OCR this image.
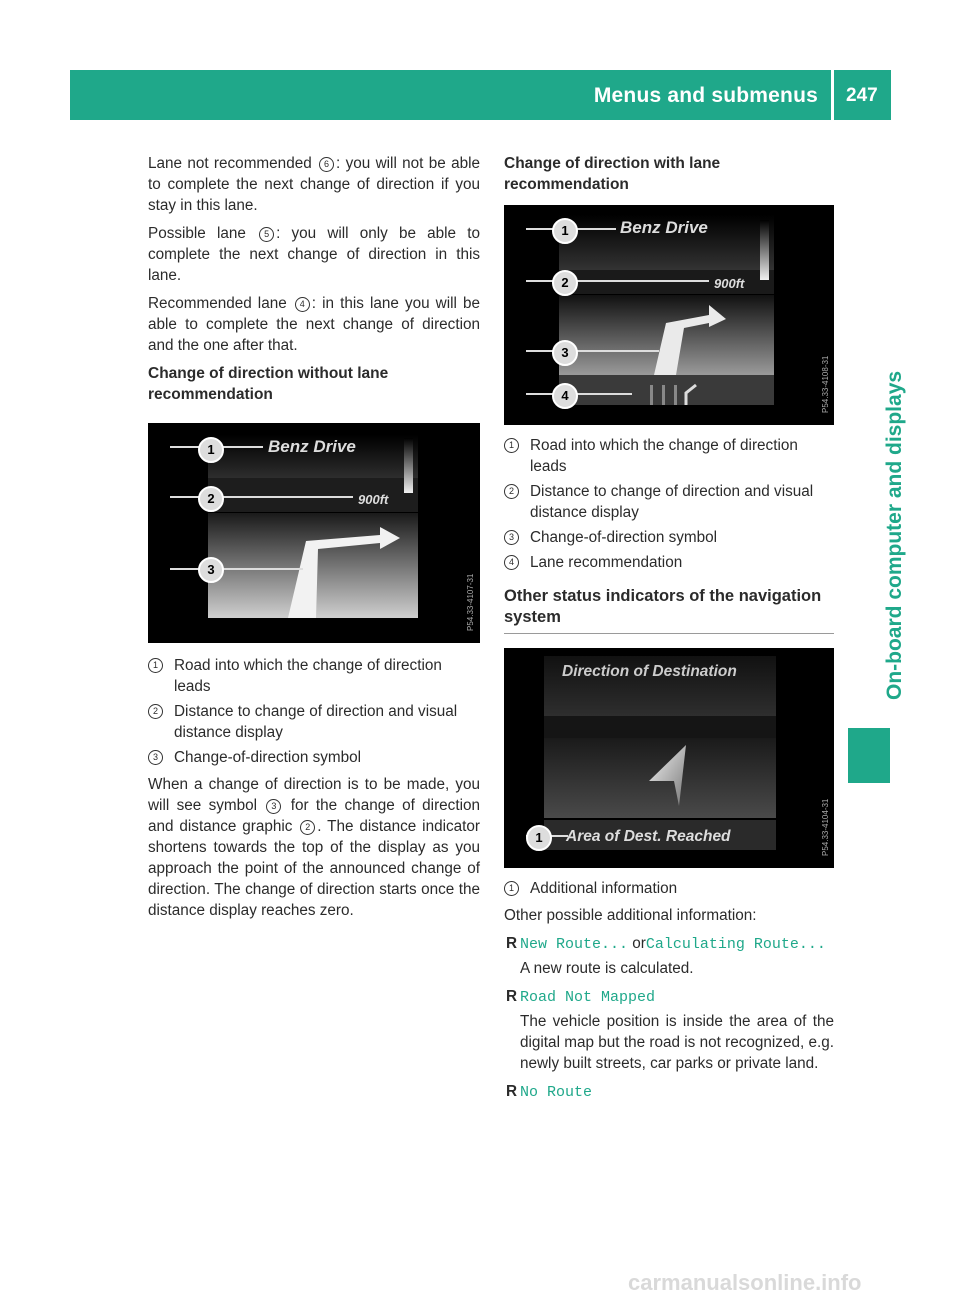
Menus and submenus 247
On-board computer and displays

Lane not recommended 6 : you will not be able to complete the next change of direction if you stay in this lane.

Possible lane 5 : you will only be able to complete the next change of direction in this lane.

Recommended lane 4 : in this lane you will be able to complete the next change of direction and the one after that.

Change of direction without lane recommendation
1
2
3
Benz Drive
900ft
P54.33-4107-31
1	Road into which the change of direction leads
2	Distance to change of direction and visual distance display
3	Change-of-direction symbol

When a change of direction is to be made, you will see symbol 3 for the change of direction and distance graphic 2 . The distance indicator shortens towards the top of the display as you approach the point of the announced change of direction. The change of direction starts once the distance display reaches zero.

Change of direction with lane recommendation
1
2
3
4
Benz Drive
900ft
P54.33-4108-31
1	Road into which the change of direction leads
2	Distance to change of direction and visual distance display
3	Change-of-direction symbol
4	Lane recommendation
Other status indicators of the navigation system
Direction of Destination
1	Area of Dest. Reached	P54.33-4104-31
1	Additional information

Other possible additional information:

R New Route... orCalculating Route...

A new route is calculated.

R Road Not Mapped

The vehicle position is inside the area of the digital map but the road is not recognized, e.g. newly built streets, car parks or private land.

R No Route
carmanualsonline.info
